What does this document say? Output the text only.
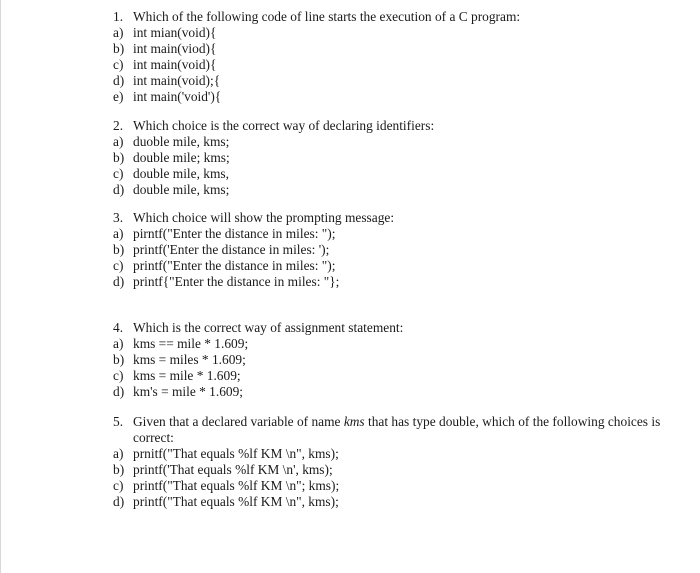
1. Which of the following code of line starts the execution of a C program:
a) int mian(void){
b) int main(viod){
c) int main(void){
d) int main(void);{
e) int main('void'){
2. Which choice is the correct way of declaring identifiers:
a) duoble mile, kms;
b) double mile; kms;
c) double mile, kms,
d) double mile, kms;
3. Which choice will show the prompting message:
a) pirntf("Enter the distance in miles: ");
b) printf('Enter the distance in miles: ');
c) printf("Enter the distance in miles: ");
d) printf{"Enter the distance in miles: "};
4. Which is the correct way of assignment statement:
a) kms == mile * 1.609;
b) kms = miles * 1.609;
c) kms = mile * 1.609;
d) km's = mile * 1.609;
5. Given that a declared variable of name kms that has type double, which of the following choices is correct:
a) prnitf("That equals %lf KM \n", kms);
b) printf('That equals %lf KM \n', kms);
c) printf("That equals %lf KM \n"; kms);
d) printf("That equals %lf KM \n", kms);
